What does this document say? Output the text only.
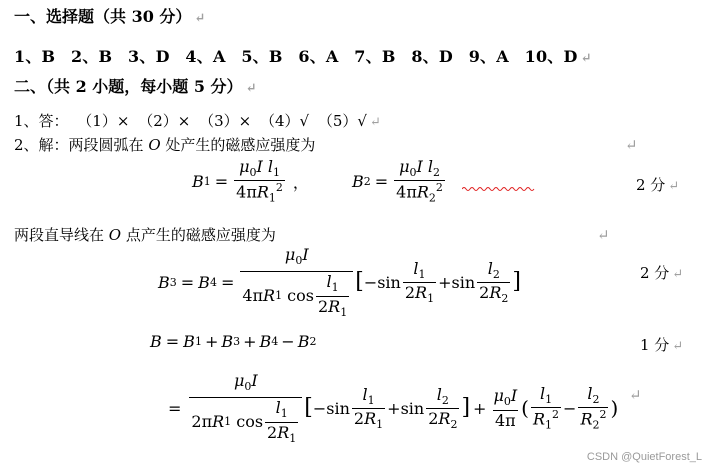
一、选择题（共 30 分） ↵
1、B 2、B 3、D 4、A 5、B 6、A 7、B 8、D 9、A 10、D ↵
二、（共 2 小题，每小题 5 分） ↵
1、答： （1）× （2）× （3）× （4）√ （5）√ ↵
2、解：两段圆弧在 O 处产生的磁感应强度为	↵
B $1 = \frac{\mu_0I l_1}{4\pi R_1^2}$ ，	B $2 = \frac{\mu_0I l_2}{4\pi R_2^2}$	2 分 ↵
两段直导线在 O 点产生的磁感应强度为	↵
B 3 = B $4 = \frac{\mu_0I}{4\pi R 1 \cos \frac{l_1}{2R_1}}$ [ $-\sin \frac{l_1}{2R_1} +\sin \frac{l_2}{2R_2}$ ]	2 分 ↵
B = B 1 + B 3 + B 4 − B 2	1 分 ↵
= $\frac{\mu_0I}{2\pi R 1 \cos \frac{l_1}{2R_1}}$ [ $-\sin \frac{l_1}{2R_1} +\sin \frac{l_2}{2R_2}$ ] + $\frac{\mu_0I}{4\pi}$ ( $\frac{l_1}{R_1^2} - \frac{l_2}{R_2^2}$ )
↵
CSDN @QuietForest_L
